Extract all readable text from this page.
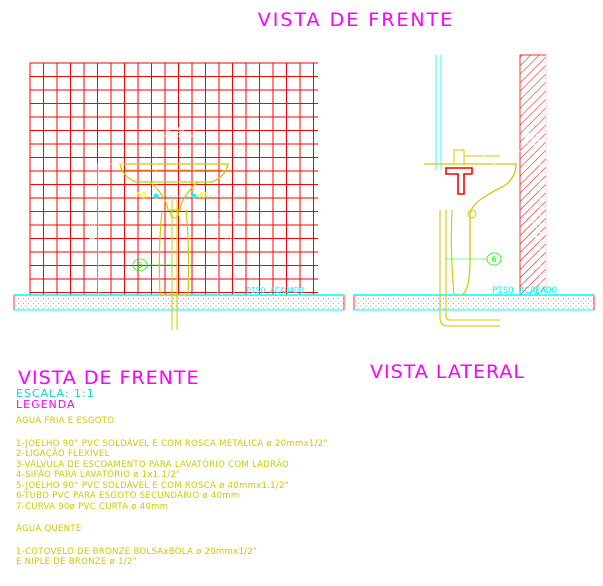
VISTA DE FRENTE
PISO ACABADO
AQ	AF
0.20
0.80
0.50
0.60
6
7
PISO ACABADO
0.60 0.50
0.88
1
2 3
4
5
6
7
VISTA DE FRENTE	VISTA LATERAL
ESCALA: 1:1
LEGENDA
ÁGUA FRIA E ESGOTO
1-JOELHO 90° PVC SOLDÁVEL E COM ROSCA METÁLICA ø 20mmx1/2"
2-LIGAÇÃO FLEXÍVEL
3-VÁLVULA DE ESCOAMENTO PARA LAVATÓRIO COM LADRÃO
4-SIFÃO PARA LAVATÓRIO ø 1x1.1/2"
5-JOELHO 90° PVC SOLDÁVEL E COM ROSCA ø 40mmx1.1/2"
6-TUBO PVC PARA ESGOTO SECUNDÁRIO ø 40mm
7-CURVA 90ø PVC CURTA ø 40mm
ÁGUA QUENTE
1-COTOVELO DE BRONZE BOLSAxBOLA ø 20mmx1/2"
E NIPLE DE BRONZE ø 1/2"
